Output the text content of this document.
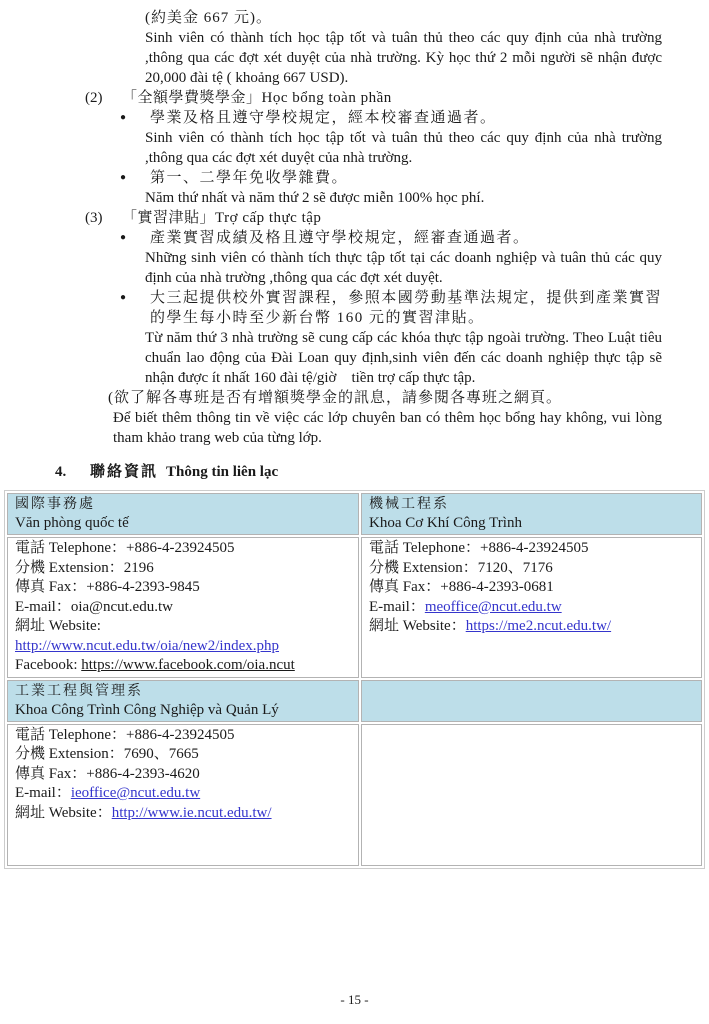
(約美金 667 元)。
Sinh viên có thành tích học tập tốt và tuân thủ theo các quy định của nhà trường ,thông qua các đợt xét duyệt của nhà trường. Kỳ học thứ 2 mỗi người sẽ nhận được 20,000 đài tệ ( khoảng 667 USD).
(2)	「全額學費獎學金」Học bổng toàn phần
●	學業及格且遵守學校規定，經本校審查通過者。
Sinh viên có thành tích học tập tốt và tuân thủ theo các quy định của nhà trường ,thông qua các đợt xét duyệt của nhà trường.
●	第一、二學年免收學雜費。
Năm thứ nhất và năm thứ 2 sẽ được miễn 100% học phí.
(3)	「實習津貼」Trợ cấp thực tập
●	產業實習成績及格且遵守學校規定，經審查通過者。
Những sinh viên có thành tích thực tập tốt tại các doanh nghiệp và tuân thủ các quy định của nhà trường ,thông qua các đợt xét duyệt.
●	大三起提供校外實習課程，參照本國勞動基準法規定，提供到產業實習的學生每小時至少新台幣 160 元的實習津貼。
Từ năm thứ 3 nhà trường sẽ cung cấp các khóa thực tập ngoài trường. Theo Luật tiêu chuẩn lao động của Đài Loan quy định,sinh viên đến các doanh nghiệp thực tập sẽ nhận được ít nhất 160 đài tệ/giờ　tiền trợ cấp thực tập.
(欲了解各專班是否有增額獎學金的訊息，請參閱各專班之網頁。
Để biết thêm thông tin về việc các lớp chuyên ban có thêm học bổng hay không, vui lòng tham khảo trang web của từng lớp.
4. 聯絡資訊 Thông tin liên lạc
國際事務處
Văn phòng quốc tế

機械工程系
Khoa Cơ Khí Công Trình

電話 Telephone：+886-4-23924505
分機 Extension：2196
傳真 Fax：+886-4-2393-9845
E-mail：oia@ncut.edu.tw
網址 Website:
http://www.ncut.edu.tw/oia/new2/index.php
Facebook: https://www.facebook.com/oia.ncut

電話 Telephone：+886-4-23924505
分機 Extension：7120、7176
傳真 Fax：+886-4-2393-0681
E-mail：meoffice@ncut.edu.tw
網址 Website：https://me2.ncut.edu.tw/

工業工程與管理系
Khoa Công Trình Công Nghiệp và Quản Lý	

電話 Telephone：+886-4-23924505
分機 Extension：7690、7665
傳真 Fax：+886-4-2393-4620
E-mail：ieoffice@ncut.edu.tw
網址 Website：http://www.ie.ncut.edu.tw/	

- 15 -
